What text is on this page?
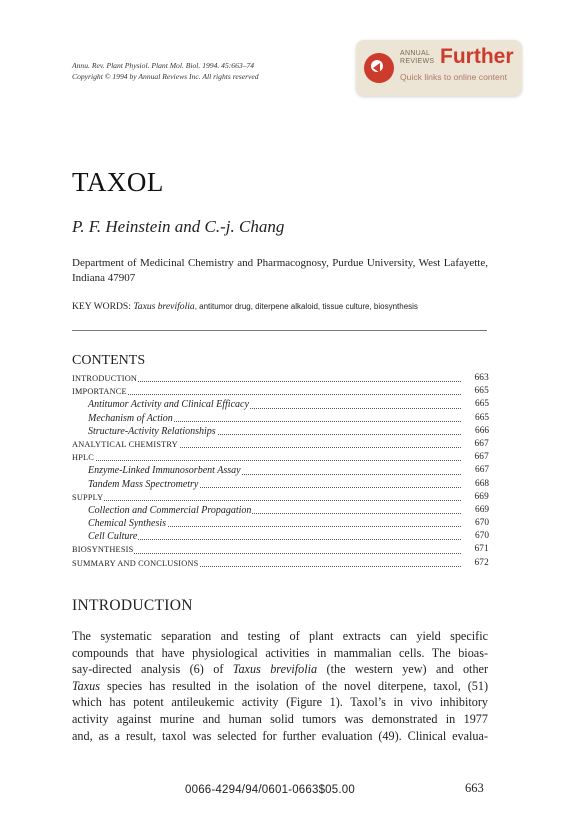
Annu. Rev. Plant Physiol. Plant Mol. Biol. 1994. 45:663–74
Copyright © 1994 by Annual Reviews Inc. All rights reserved
ANNUAL
REVIEWS Further
Quick links to online content
TAXOL
P. F. Heinstein and C.-j. Chang
Department of Medicinal Chemistry and Pharmacognosy, Purdue University, West Lafayette, Indiana 47907
KEY WORDS: Taxus brevifolia, antitumor drug, diterpene alkaloid, tissue culture, biosynthesis
CONTENTS
INTRODUCTION	663
IMPORTANCE	665
Antitumor Activity and Clinical Efficacy	665
Mechanism of Action	665
Structure-Activity Relationships	666
ANALYTICAL CHEMISTRY	667
HPLC	667
Enzyme-Linked Immunosorbent Assay	667
Tandem Mass Spectrometry	668
SUPPLY	669
Collection and Commercial Propagation	669
Chemical Synthesis	670
Cell Culture	670
BIOSYNTHESIS	671
SUMMARY AND CONCLUSIONS	672
INTRODUCTION
The systematic separation and testing of plant extracts can yield specific
compounds that have physiological activities in mammalian cells. The bioas-
say-directed analysis (6) of Taxus brevifolia (the western yew) and other
Taxus species has resulted in the isolation of the novel diterpene, taxol, (51)
which has potent antileukemic activity (Figure 1). Taxol’s in vivo inhibitory
activity against murine and human solid tumors was demonstrated in 1977
and, as a result, taxol was selected for further evaluation (49). Clinical evalua-
0066-4294/94/0601-0663$05.00	663
